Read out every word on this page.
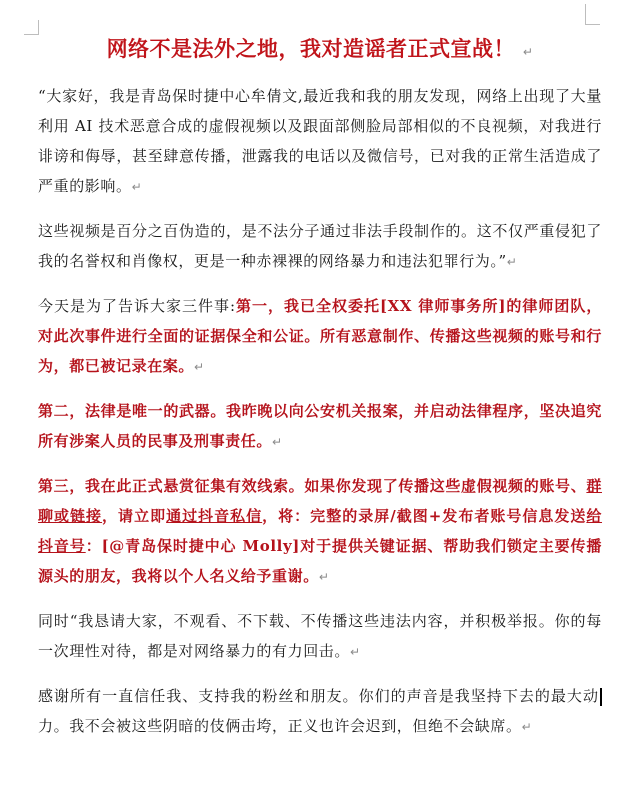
网络不是法外之地，我对造谣者正式宣战！ ↵

“大家好，我是青岛保时捷中心牟倩文,最近我和我的朋友发现，网络上出现了大量利用 AI 技术恶意合成的虚假视频以及跟面部侧脸局部相似的不良视频，对我进行诽谤和侮辱，甚至肆意传播，泄露我的电话以及微信号，已对我的正常生活造成了严重的影响。↵

这些视频是百分之百伪造的，是不法分子通过非法手段制作的。这不仅严重侵犯了我的名誉权和肖像权，更是一种赤裸裸的网络暴力和违法犯罪行为。”↵

今天是为了告诉大家三件事:第一，我已全权委托[XX 律师事务所]的律师团队，对此次事件进行全面的证据保全和公证。所有恶意制作、传播这些视频的账号和行为，都已被记录在案。↵

第二，法律是唯一的武器。我昨晚以向公安机关报案，并启动法律程序，坚决追究所有涉案人员的民事及刑事责任。↵

第三，我在此正式悬赏征集有效线索。如果你发现了传播这些虚假视频的账号、群聊或链接，请立即通过抖音私信，将：完整的录屏/截图+发布者账号信息发送给抖音号：[@青岛保时捷中心 Molly]对于提供关键证据、帮助我们锁定主要传播源头的朋友，我将以个人名义给予重谢。↵

同时“我恳请大家，不观看、不下载、不传播这些违法内容，并积极举报。你的每一次理性对待，都是对网络暴力的有力回击。↵

感谢所有一直信任我、支持我的粉丝和朋友。你们的声音是我坚持下去的最大动力。我不会被这些阴暗的伎俩击垮，正义也许会迟到，但绝不会缺席。↵
